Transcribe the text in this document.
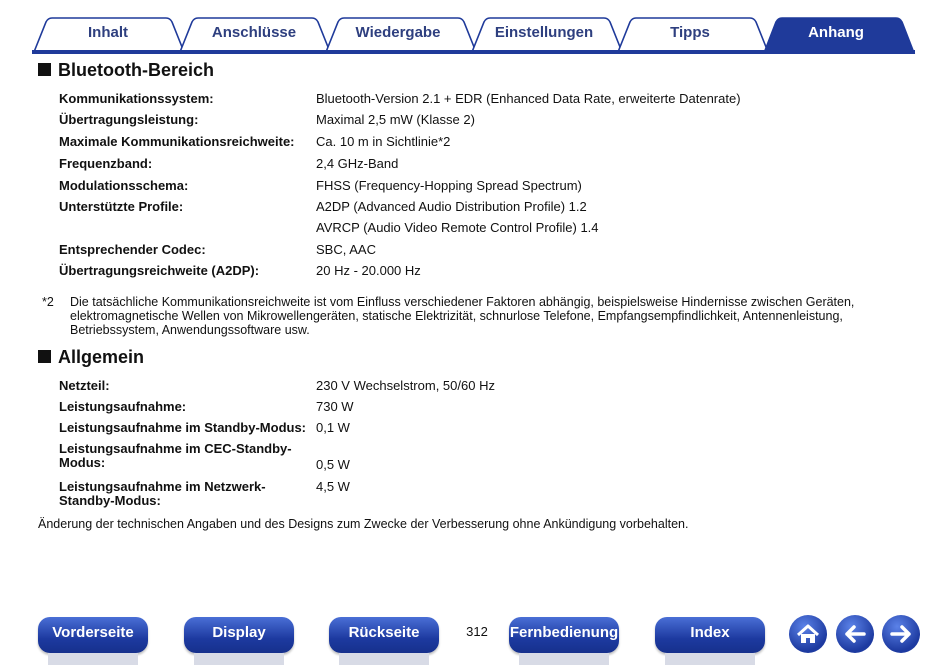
Inhalt	Anschlüsse	Wiedergabe	Einstellungen	Tipps	Anhang
Bluetooth-Bereich
Kommunikationssystem:	Bluetooth-Version 2.1 + EDR (Enhanced Data Rate, erweiterte Datenrate)
Übertragungsleistung:	Maximal 2,5 mW (Klasse 2)
Maximale Kommunikationsreichweite:	Ca. 10 m in Sichtlinie*2
Frequenzband:	2,4 GHz-Band
Modulationsschema:	FHSS (Frequency-Hopping Spread Spectrum)
Unterstützte Profile:	A2DP (Advanced Audio Distribution Profile) 1.2
AVRCP (Audio Video Remote Control Profile) 1.4
Entsprechender Codec:	SBC, AAC
Übertragungsreichweite (A2DP):	20 Hz - 20.000 Hz
*2 Die tatsächliche Kommunikationsreichweite ist vom Einfluss verschiedener Faktoren abhängig, beispielsweise Hindernisse zwischen Geräten, elektromagnetische Wellen von Mikrowellengeräten, statische Elektrizität, schnurlose Telefone, Empfangsempfindlichkeit, Antennenleistung, Betriebssystem, Anwendungssoftware usw.
Allgemein
Netzteil:	230 V Wechselstrom, 50/60 Hz
Leistungsaufnahme:	730 W
Leistungsaufnahme im Standby-Modus: 0,1 W
Leistungsaufnahme im CEC-Standby-Modus:	0,5 W
Leistungsaufnahme im Netzwerk-Standby-Modus:
4,5 W
Änderung der technischen Angaben und des Designs zum Zwecke der Verbesserung ohne Ankündigung vorbehalten.
Vorderseite	Display	Rückseite	312 Fernbedienung	Index
